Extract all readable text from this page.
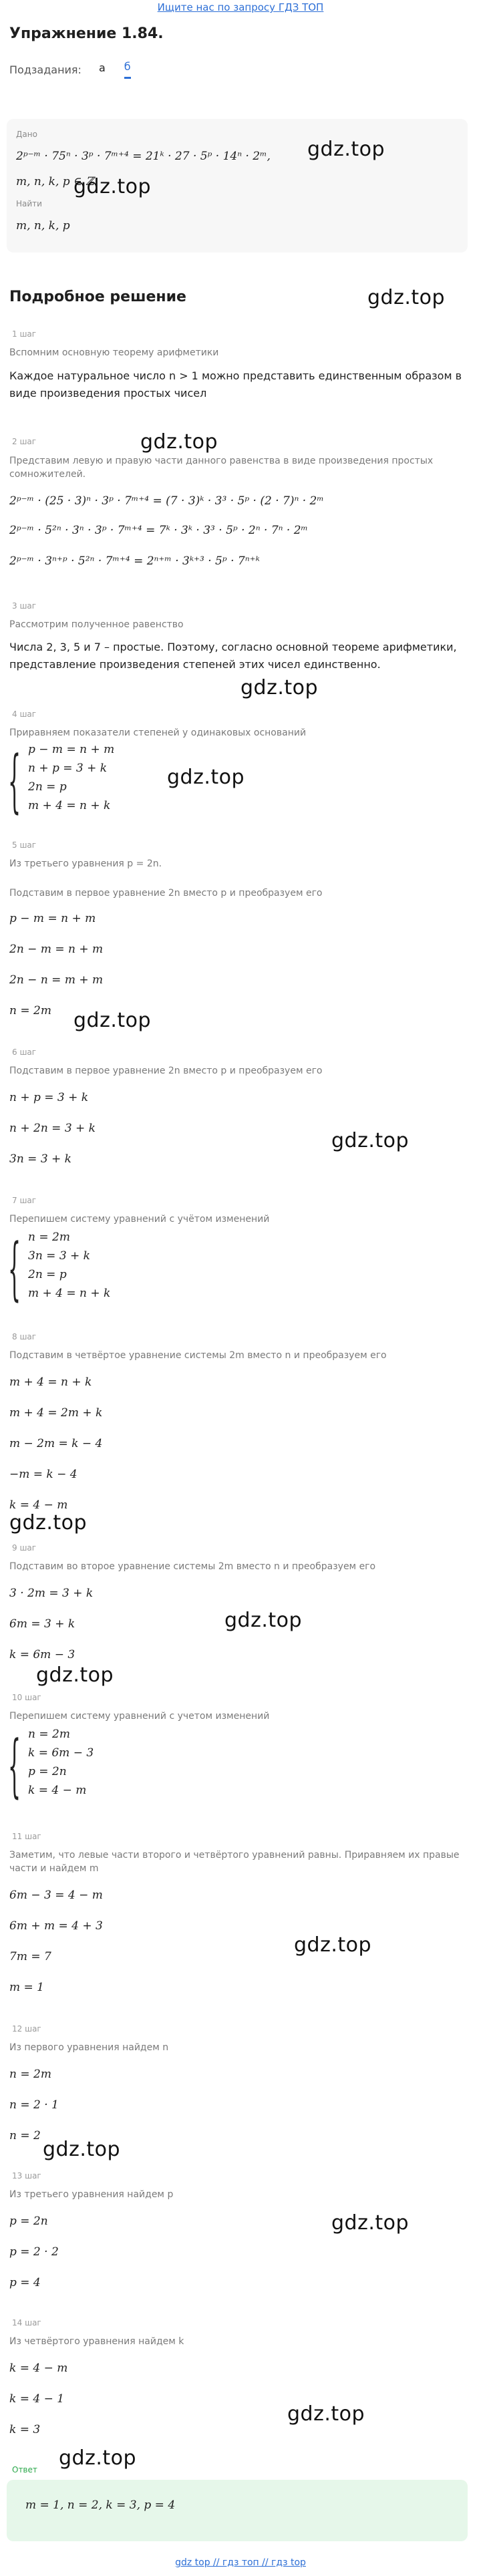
Ищите нас по запросу ГДЗ ТОП
Упражнение 1.84.
Подзадания: а б
Дано
2ᵖ⁻ᵐ · 75ⁿ · 3ᵖ · 7ᵐ⁺⁴ = 21ᵏ · 27 · 5ᵖ · 14ⁿ · 2ᵐ,
m, n, k, p ∈ ℤ
Найти
m, n, k, p
gdz.top
gdz.top
Подробное решение	gdz.top
1 шаг
Вспомним основную теорему арифметики
Каждое натуральное число n > 1 можно представить единственным образом в виде произведения простых чисел
2 шаг	gdz.top
Представим левую и правую части данного равенства в виде произведения простых сомножителей.
2ᵖ⁻ᵐ · (25 · 3)ⁿ · 3ᵖ · 7ᵐ⁺⁴ = (7 · 3)ᵏ · 3³ · 5ᵖ · (2 · 7)ⁿ · 2ᵐ
2ᵖ⁻ᵐ · 5²ⁿ · 3ⁿ · 3ᵖ · 7ᵐ⁺⁴ = 7ᵏ · 3ᵏ · 3³ · 5ᵖ · 2ⁿ · 7ⁿ · 2ᵐ
2ᵖ⁻ᵐ · 3ⁿ⁺ᵖ · 5²ⁿ · 7ᵐ⁺⁴ = 2ⁿ⁺ᵐ · 3ᵏ⁺³ · 5ᵖ · 7ⁿ⁺ᵏ
3 шаг
Рассмотрим полученное равенство
Числа 2, 3, 5 и 7 – простые. Поэтому, согласно основной теореме арифметики, представление произведения степеней этих чисел единственно.
gdz.top
4 шаг
Приравняем показатели степеней у одинаковых оснований
{ p − m = n + m
n + p = 3 + k
2n = p
m + 4 = n + k
gdz.top
5 шаг
Из третьего уравнения p = 2n.
Подставим в первое уравнение 2n вместо p и преобразуем его
p − m = n + m
2n − m = n + m
2n − n = m + m
n = 2m gdz.top
6 шаг
Подставим в первое уравнение 2n вместо p и преобразуем его
n + p = 3 + k
n + 2n = 3 + k
gdz.top
3n = 3 + k
7 шаг
Перепишем систему уравнений с учётом изменений
{ n = 2m
3n = 3 + k
2n = p
m + 4 = n + k
8 шаг
Подставим в четвёртое уравнение системы 2m вместо n и преобразуем его
m + 4 = n + k
m + 4 = 2m + k
m − 2m = k − 4
−m = k − 4
k = 4 − m
gdz.top
9 шаг
Подставим во второе уравнение системы 2m вместо n и преобразуем его
3 · 2m = 3 + k
gdz.top
6m = 3 + k
k = 6m − 3
gdz.top
10 шаг
Перепишем систему уравнений с учетом изменений
{ n = 2m
k = 6m − 3
p = 2n
k = 4 − m
11 шаг
Заметим, что левые части второго и четвёртого уравнений равны. Приравняем их правые части и найдем m
6m − 3 = 4 − m
6m + m = 4 + 3
gdz.top
7m = 7
m = 1
12 шаг
Из первого уравнения найдем n
n = 2m
n = 2 · 1
n = 2
gdz.top
13 шаг
Из третьего уравнения найдем p
p = 2n	gdz.top
p = 2 · 2
p = 4
14 шаг
Из четвёртого уравнения найдем k
k = 4 − m
k = 4 − 1
gdz.top
k = 3
gdz.top
Ответ
m = 1, n = 2, k = 3, p = 4
gdz top // гдз топ // гдз top
